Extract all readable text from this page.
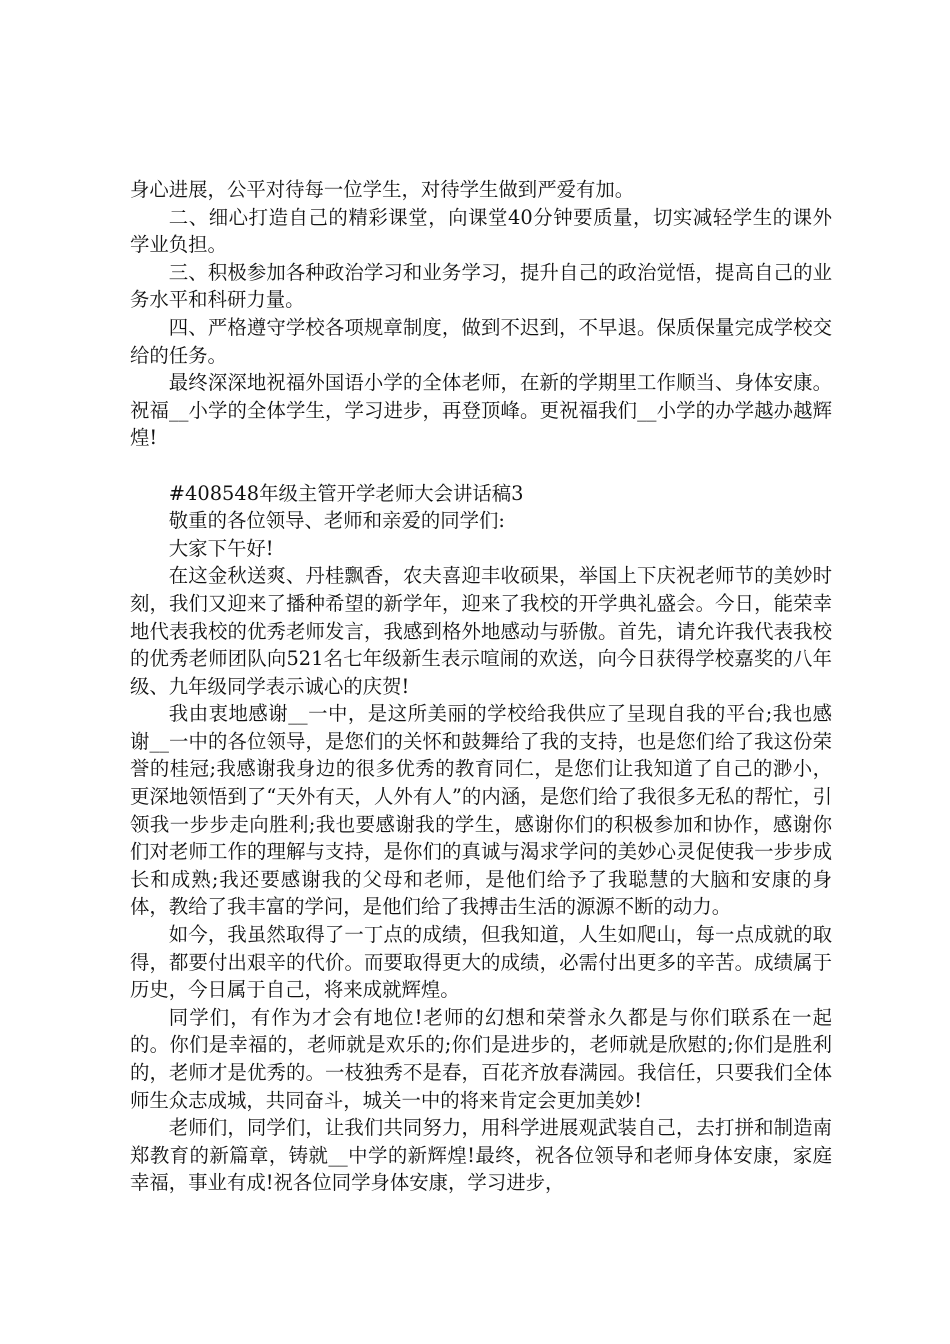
身心进展，公平对待每一位学生，对待学生做到严爱有加。

二、细心打造自己的精彩课堂，向课堂40分钟要质量，切实减轻学生的课外学业负担。

三、积极参加各种政治学习和业务学习，提升自己的政治觉悟，提高自己的业务水平和科研力量。

四、严格遵守学校各项规章制度，做到不迟到，不早退。保质保量完成学校交给的任务。

最终深深地祝福外国语小学的全体老师，在新的学期里工作顺当、身体安康。祝福__小学的全体学生，学习进步，再登顶峰。更祝福我们__小学的办学越办越辉煌!

#408548年级主管开学老师大会讲话稿3

敬重的各位领导、老师和亲爱的同学们:

大家下午好!

在这金秋送爽、丹桂飘香，农夫喜迎丰收硕果，举国上下庆祝老师节的美妙时刻，我们又迎来了播种希望的新学年，迎来了我校的开学典礼盛会。今日，能荣幸地代表我校的优秀老师发言，我感到格外地感动与骄傲。首先，请允许我代表我校的优秀老师团队向521名七年级新生表示喧闹的欢送，向今日获得学校嘉奖的八年级、九年级同学表示诚心的庆贺!

我由衷地感谢__一中，是这所美丽的学校给我供应了呈现自我的平台;我也感谢__一中的各位领导，是您们的关怀和鼓舞给了我的支持，也是您们给了我这份荣誉的桂冠;我感谢我身边的很多优秀的教育同仁，是您们让我知道了自己的渺小，更深地领悟到了“天外有天，人外有人”的内涵，是您们给了我很多无私的帮忙，引领我一步步走向胜利;我也要感谢我的学生，感谢你们的积极参加和协作，感谢你们对老师工作的理解与支持，是你们的真诚与渴求学问的美妙心灵促使我一步步成长和成熟;我还要感谢我的父母和老师，是他们给予了我聪慧的大脑和安康的身体，教给了我丰富的学问，是他们给了我搏击生活的源源不断的动力。

如今，我虽然取得了一丁点的成绩，但我知道，人生如爬山，每一点成就的取得，都要付出艰辛的代价。而要取得更大的成绩，必需付出更多的辛苦。成绩属于历史，今日属于自己，将来成就辉煌。

同学们，有作为才会有地位!老师的幻想和荣誉永久都是与你们联系在一起的。你们是幸福的，老师就是欢乐的;你们是进步的，老师就是欣慰的;你们是胜利的，老师才是优秀的。一枝独秀不是春，百花齐放春满园。我信任，只要我们全体师生众志成城，共同奋斗，城关一中的将来肯定会更加美妙!

老师们，同学们，让我们共同努力，用科学进展观武装自己，去打拼和制造南郑教育的新篇章，铸就__中学的新辉煌!最终，祝各位领导和老师身体安康，家庭幸福，事业有成!祝各位同学身体安康，学习进步，
